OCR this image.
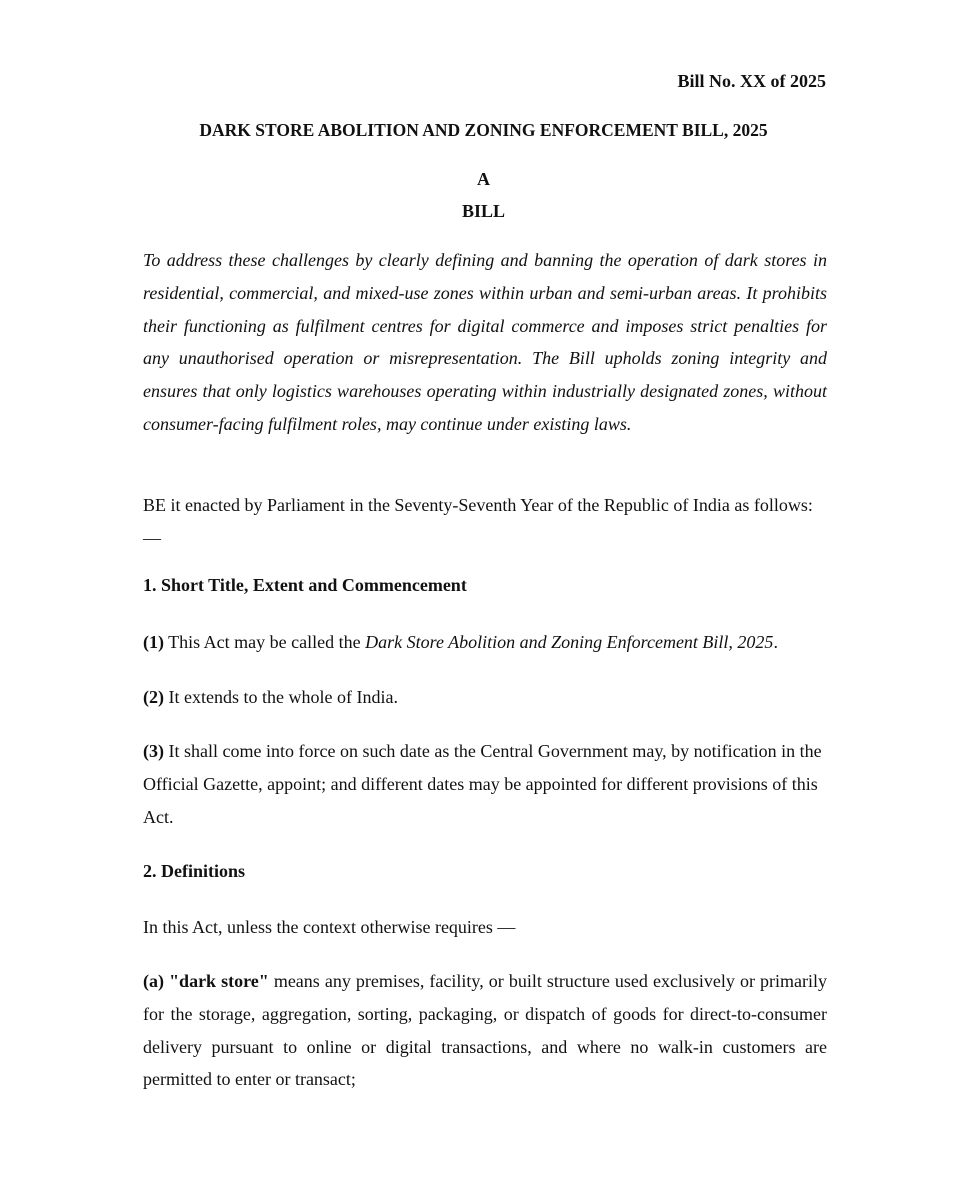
Bill No. XX of 2025

DARK STORE ABOLITION AND ZONING ENFORCEMENT BILL, 2025

A

BILL

To address these challenges by clearly defining and banning the operation of dark stores in residential, commercial, and mixed-use zones within urban and semi-urban areas. It prohibits their functioning as fulfilment centres for digital commerce and imposes strict penalties for any unauthorised operation or misrepresentation. The Bill upholds zoning integrity and ensures that only logistics warehouses operating within industrially designated zones, without consumer-facing fulfilment roles, may continue under existing laws.

BE it enacted by Parliament in the Seventy-Seventh Year of the Republic of India as follows: —

1. Short Title, Extent and Commencement

(1) This Act may be called the Dark Store Abolition and Zoning Enforcement Bill, 2025.

(2) It extends to the whole of India.

(3) It shall come into force on such date as the Central Government may, by notification in the Official Gazette, appoint; and different dates may be appointed for different provisions of this Act.

2. Definitions

In this Act, unless the context otherwise requires —

(a) "dark store" means any premises, facility, or built structure used exclusively or primarily for the storage, aggregation, sorting, packaging, or dispatch of goods for direct-to-consumer delivery pursuant to online or digital transactions, and where no walk-in customers are permitted to enter or transact;
